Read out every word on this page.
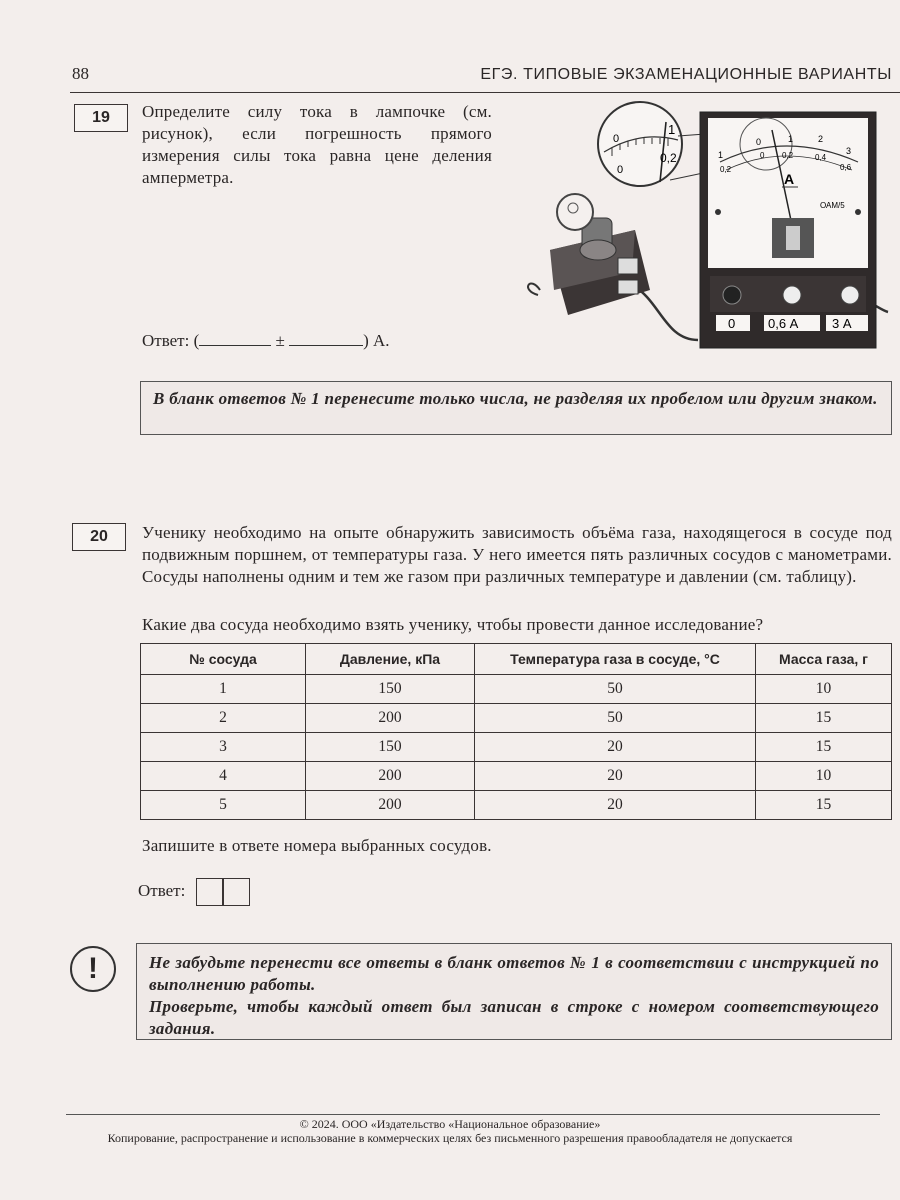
88	ЕГЭ. ТИПОВЫЕ ЭКЗАМЕНАЦИОННЫЕ ВАРИАНТЫ
19	Определите силу тока в лампочке (см. рисунок), если погрешность прямого измерения силы тока равна цене деления амперметра.
0
0
1
0,2	1
0	1	2
3
0,2
0 0,2	0,4
0,6
А
ОАМ/5
0	0,6 А	3 А
Ответ: (	±	) А.

В бланк ответов № 1 перенесите только числа, не разделяя их пробелом или другим знаком.

20	Ученику необходимо на опыте обнаружить зависимость объёма газа, находящегося в сосуде под подвижным поршнем, от температуры газа. У него имеется пять различных сосудов с манометрами. Сосуды наполнены одним и тем же газом при различных температуре и давлении (см. таблицу).
Какие два сосуда необходимо взять ученику, чтобы провести данное исследование?
№ сосуда	Давление, кПа	Температура газа в сосуде, °C	Масса газа, г
1	150	50	10
2	200	50	15
3	150	20	15
4	200	20	10
5	200	20	15
Запишите в ответе номера выбранных сосудов.
Ответ:
!	Не забудьте перенести все ответы в бланк ответов № 1 в соответствии с инструкцией по выполнению работы.

Проверьте, чтобы каждый ответ был записан в строке с номером соответствующего задания.

© 2024. ООО «Издательство «Национальное образование»
Копирование, распространение и использование в коммерческих целях без письменного разрешения правообладателя не допускается
